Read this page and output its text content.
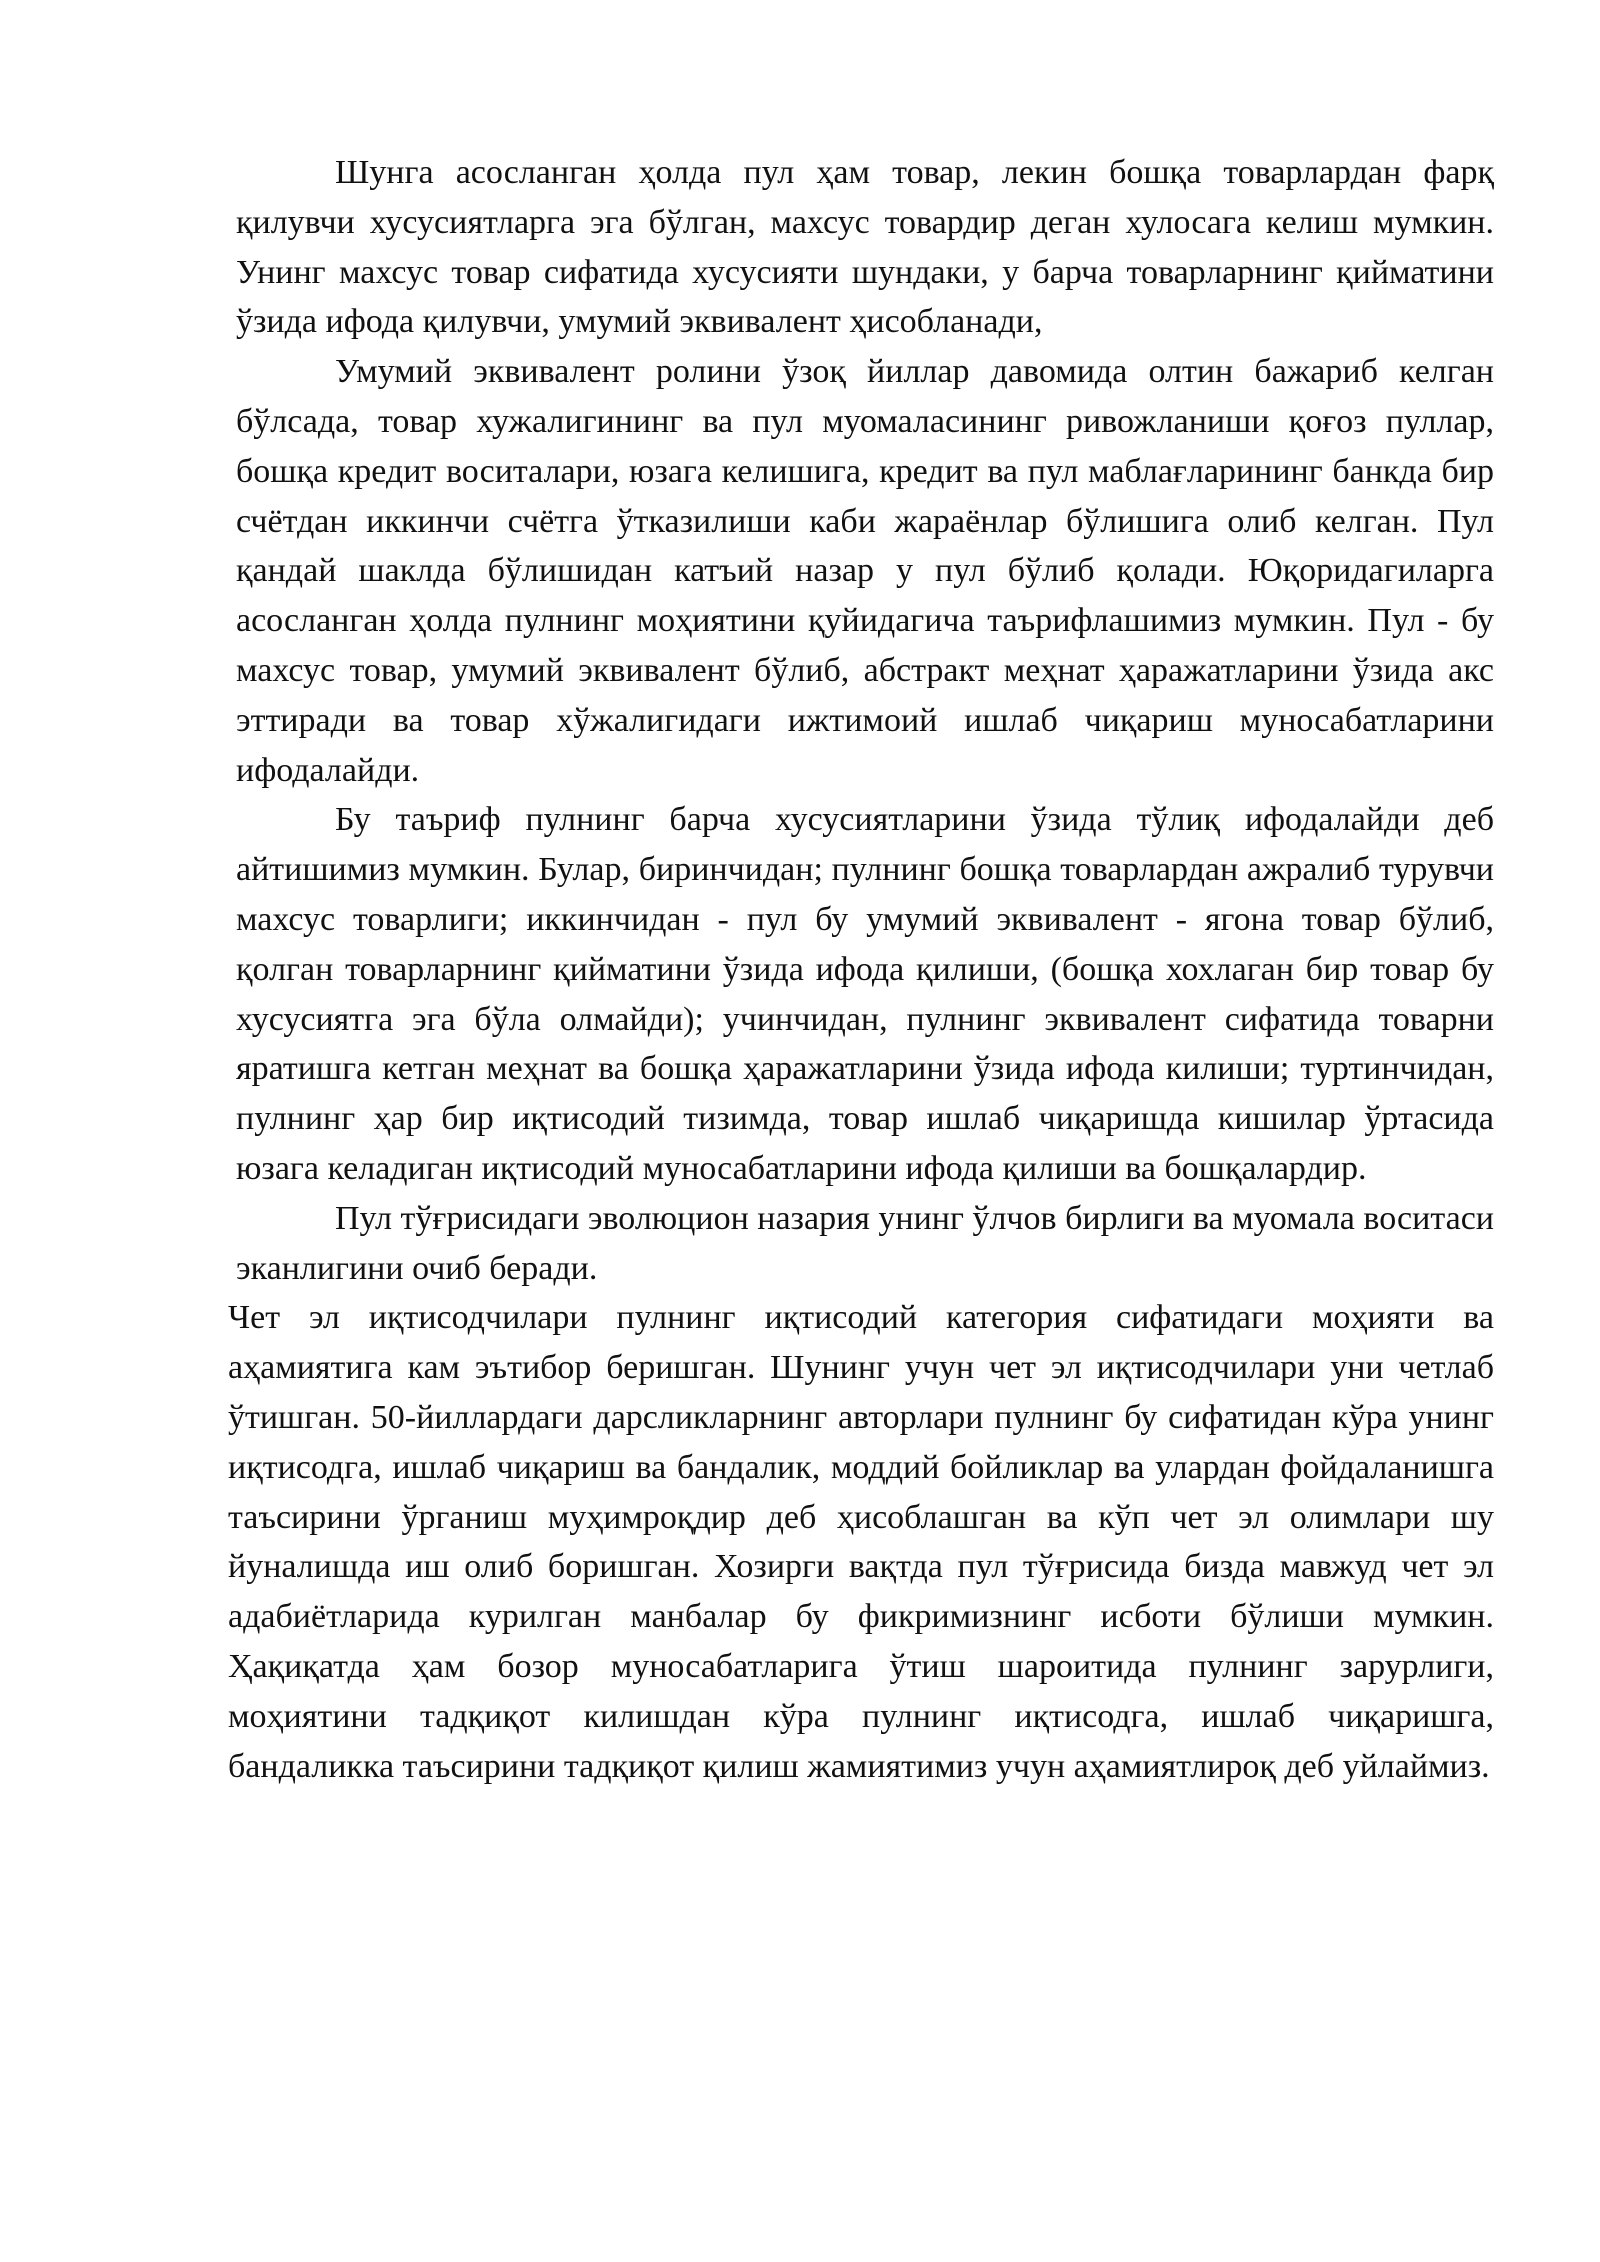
Шунга асосланган ҳолда пул ҳам товар, лекин бошқа товарлардан фарқ қилувчи хусусиятларга эга бўлган, махсус товардир деган хулосага келиш мумкин. Унинг махсус товар сифатида хусусияти шундаки, у барча товарларнинг қийматини ўзида ифода қилувчи, умумий эквивалент ҳисобланади,

Умумий эквивалент ролини ўзоқ йиллар давомида олтин бажариб келган бўлсада, товар хужалигининг ва пул муомаласининг ривожланиши қоғоз пуллар, бошқа кредит воситалари, юзага келишига, кредит ва пул маблағларининг банкда бир счётдан иккинчи счётга ўтказилиши каби жараёнлар бўлишига олиб келган. Пул қандай шаклда бўлишидан катъий назар у пул бўлиб қолади. Юқоридагиларга асосланган ҳолда пулнинг моҳиятини қуйидагича таърифлашимиз мумкин. Пул - бу махсус товар, умумий эквивалент бўлиб, абстракт меҳнат ҳаражатларини ўзида акс эттиради ва товар хўжалигидаги ижтимоий ишлаб чиқариш муносабатларини ифодалайди.

Бу таъриф пулнинг барча хусусиятларини ўзида тўлиқ ифодалайди деб айтишимиз мумкин. Булар, биринчидан; пулнинг бошқа товарлардан ажралиб турувчи махсус товарлиги; иккинчидан - пул бу умумий эквивалент - ягона товар бўлиб, қолган товарларнинг қийматини ўзида ифода қилиши, (бошқа хохлаган бир товар бу хусусиятга эга бўла олмайди); учинчидан, пулнинг эквивалент сифатида товарни яратишга кетган меҳнат ва бошқа ҳаражатларини ўзида ифода килиши; туртинчидан, пулнинг ҳар бир иқтисодий тизимда, товар ишлаб чиқаришда кишилар ўртасида юзага келадиган иқтисодий муносабатларини ифода қилиши ва бошқалардир.

Пул тўғрисидаги эволюцион назария унинг ўлчов бирлиги ва муомала воситаси эканлигини очиб беради.

Чет эл иқтисодчилари пулнинг иқтисодий категория сифатидаги моҳияти ва аҳамиятига кам эътибор беришган. Шунинг учун чет эл иқтисодчилари уни четлаб ўтишган. 50-йиллардаги дарсликларнинг авторлари пулнинг бу сифатидан кўра унинг иқтисодга, ишлаб чиқариш ва бандалик, моддий бойликлар ва улардан фойдаланишга таъсирини ўрганиш муҳимроқдир деб ҳисоблашган ва кўп чет эл олимлари шу йуналишда иш олиб боришган. Хозирги вақтда пул тўғрисида бизда мавжуд чет эл адабиётларида курилган манбалар бу фикримизнинг исботи бўлиши мумкин. Ҳақиқатда ҳам бозор муносабатларига ўтиш шароитида пулнинг зарурлиги, моҳиятини тадқиқот килишдан кўра пулнинг иқтисодга, ишлаб чиқаришга, бандаликка таъсирини тадқиқот қилиш жамиятимиз учун аҳамиятлироқ деб уйлаймиз.
